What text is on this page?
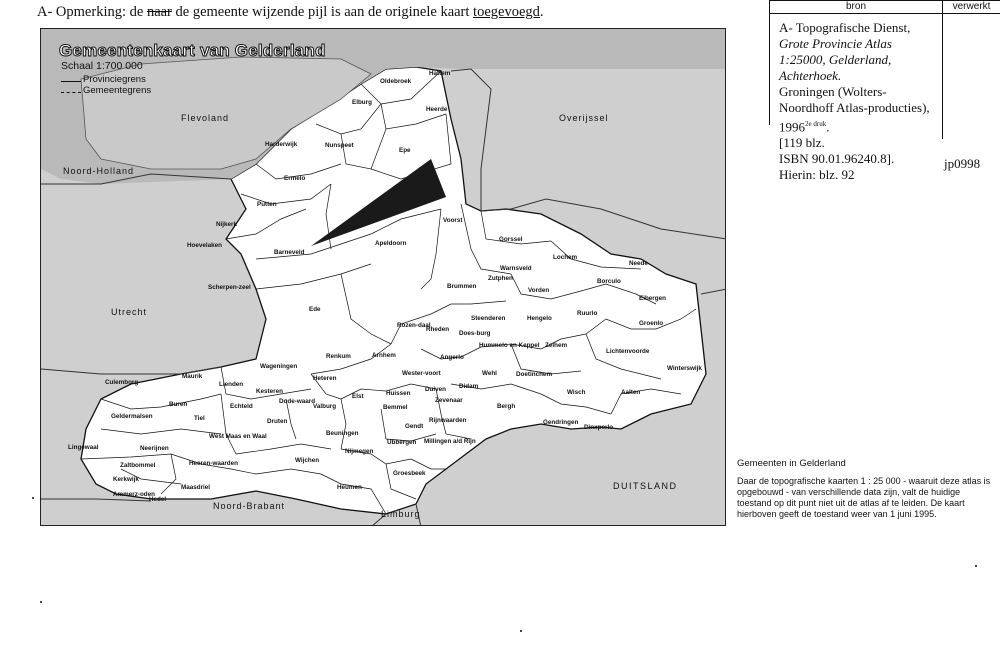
A- Opmerking: de naar de gemeente wijzende pijl is aan de originele kaart toegevoegd.
Gemeentenkaart van Gelderland
Schaal 1:700 000
Provinciegrens
Gemeentegrens
Flevoland
Noord-Holland
Overijssel
Utrecht
Noord-Brabant
DUITSLAND
Limburg
Hattem
Oldebroek
Elburg
Heerde
Harderwijk	Nunspeet
Epe
Ermelo
Putten
Nijkerk
Hoevelaken
Barneveld
Apeldoorn
Voorst
Gorssel
Lochem
Neede
Warnsveld
Zutphen	Borculo
Brummen
Vorden
Eibergen
Scherpen-zeel
Ede
Rozen-daal
Rheden
Steenderen	Hengelo
Ruurlo
Groenlo
Does-burg
Hummelo en Keppel Zelhem
Lichtenvoorde
Renkum	Arnhem	Angerlo
Wageningen
Heteren
Wester-voort	Wehl	Doetinchem
Winterswijk
Culemborg
Maurik
Lienden
Kesteren	Duiven Didam
Wisch	Aalten
Buren	Echteld
Dode-waard
Valburg
Elst	Huissen
Zevenaar
Geldermalsen	Tiel
Bemmel
Rijnwaarden
Bergh
Gendringen
Dinxperlo
Druten
Beuningen
Gendt
Lingewaal	Neerijnen
West Maas en Waal
Ubbergen Millingen a/d Rijn
Zaltbommel	Heeren-waarden	Wijchen
Nijmegen
Kerkwijk
Maasdriel
Groesbeek
Ammerz-oden
Hedel
Heumen
bron	verwerkt
A- Topografische Dienst,
Grote Provincie Atlas 1:25000, Gelderland, Achterhoek.
Groningen (Wolters-Noordhoff Atlas-producties), $1996^{2e druk}$.
[119 blz.
ISBN 90.01.96240.8].
Hierin: blz. 92
jp0998
Gemeenten in Gelderland
Daar de topografische kaarten 1 : 25 000 - waaruit deze atlas is opgebouwd - van verschillende data zijn, valt de huidige toestand op dit punt niet uit de atlas af te leiden. De kaart hierboven geeft de toestand weer van 1 juni 1995.
